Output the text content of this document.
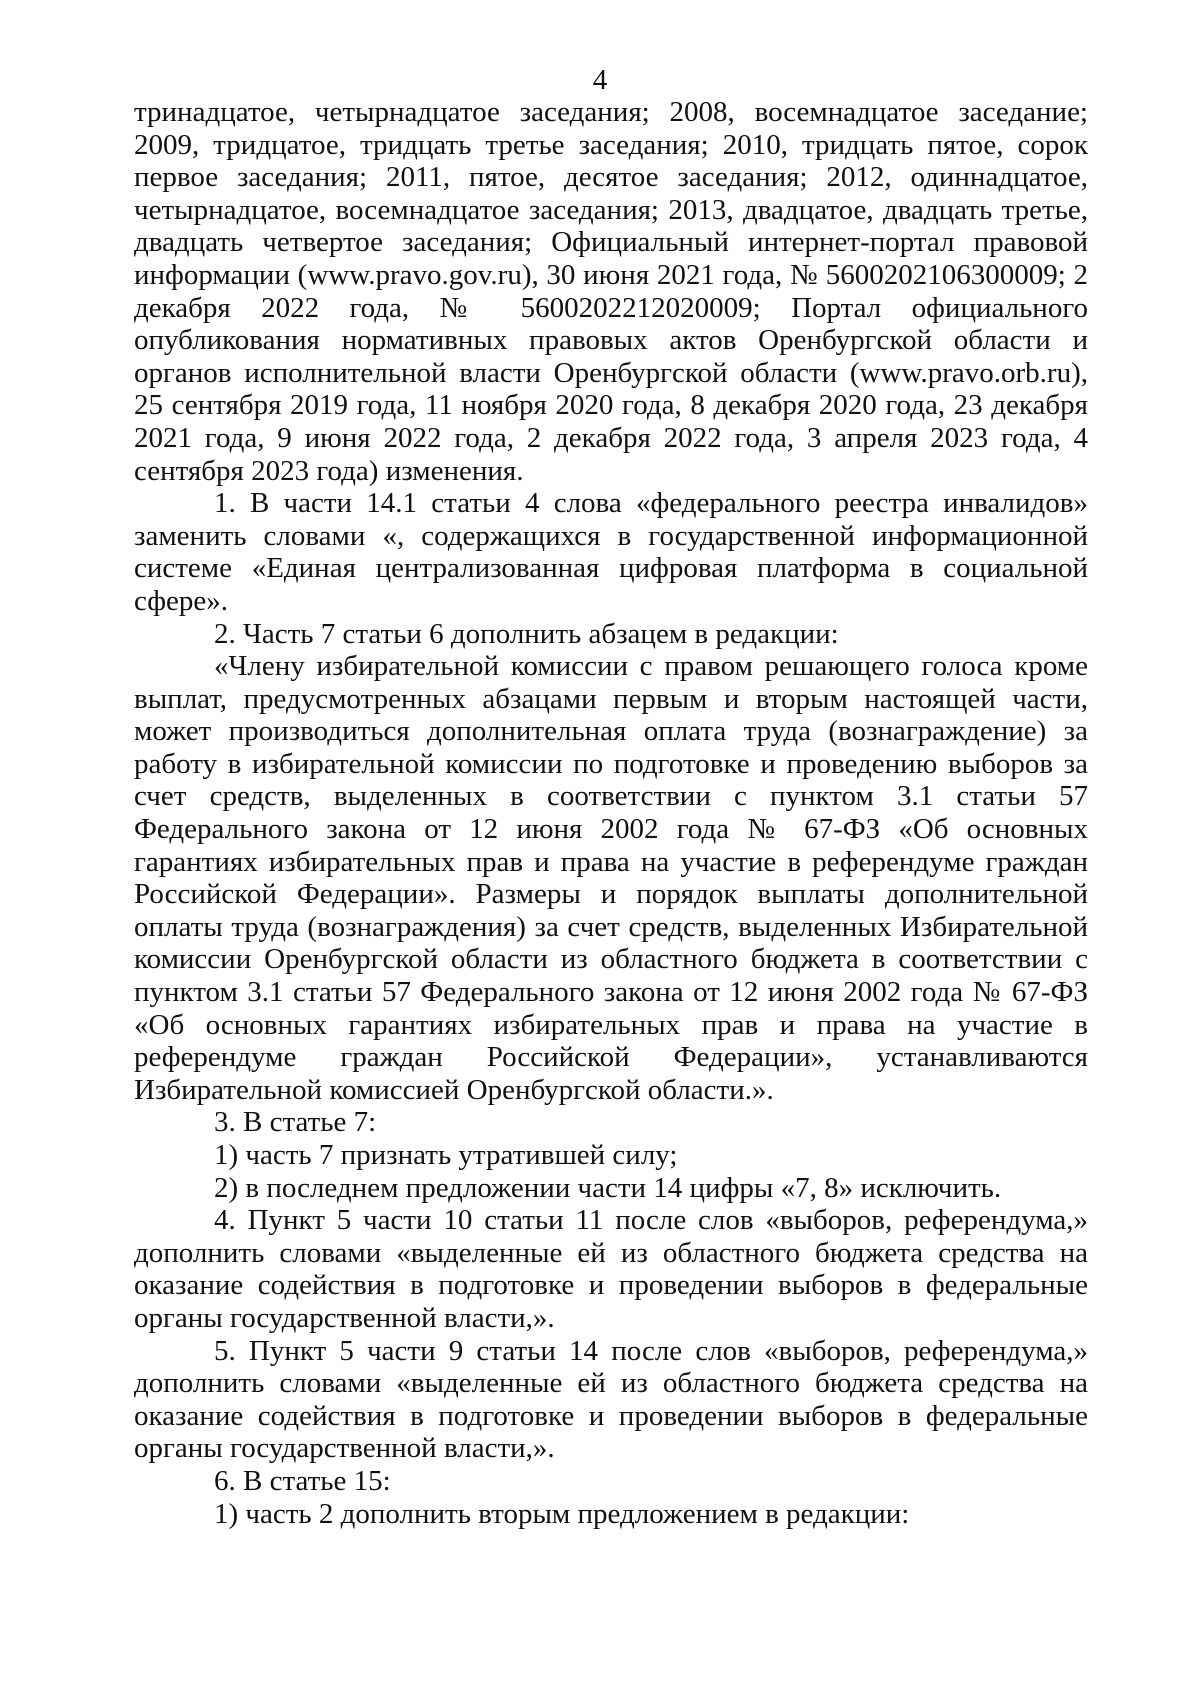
4

тринадцатое, четырнадцатое заседания; 2008, восемнадцатое заседание; 2009, тридцатое, тридцать третье заседания; 2010, тридцать пятое, сорок первое заседания; 2011, пятое, десятое заседания; 2012, одиннадцатое, четырнадцатое, восемнадцатое заседания; 2013, двадцатое, двадцать третье, двадцать четвертое заседания; Официальный интернет-портал правовой информации (www.pravo.gov.ru), 30 июня 2021 года, № 5600202106300009; 2 декабря 2022 года, № 5600202212020009; Портал официального опубликования нормативных правовых актов Оренбургской области и органов исполнительной власти Оренбургской области (www.pravo.orb.ru), 25 сентября 2019 года, 11 ноября 2020 года, 8 декабря 2020 года, 23 декабря 2021 года, 9 июня 2022 года, 2 декабря 2022 года, 3 апреля 2023 года, 4 сентября 2023 года) изменения.

1. В части 14.1 статьи 4 слова «федерального реестра инвалидов» заменить словами «, содержащихся в государственной информационной системе «Единая централизованная цифровая платформа в социальной сфере».

2. Часть 7 статьи 6 дополнить абзацем в редакции:

«Члену избирательной комиссии с правом решающего голоса кроме выплат, предусмотренных абзацами первым и вторым настоящей части, может производиться дополнительная оплата труда (вознаграждение) за работу в избирательной комиссии по подготовке и проведению выборов за счет средств, выделенных в соответствии с пунктом 3.1 статьи 57 Федерального закона от 12 июня 2002 года № 67-ФЗ «Об основных гарантиях избирательных прав и права на участие в референдуме граждан Российской Федерации». Размеры и порядок выплаты дополнительной оплаты труда (вознаграждения) за счет средств, выделенных Избирательной комиссии Оренбургской области из областного бюджета в соответствии с пунктом 3.1 статьи 57 Федерального закона от 12 июня 2002 года № 67-ФЗ «Об основных гарантиях избирательных прав и права на участие в референдуме граждан Российской Федерации», устанавливаются Избирательной комиссией Оренбургской области.».

3. В статье 7:

1) часть 7 признать утратившей силу;

2) в последнем предложении части 14 цифры «7, 8» исключить.

4. Пункт 5 части 10 статьи 11 после слов «выборов, референдума,» дополнить словами «выделенные ей из областного бюджета средства на оказание содействия в подготовке и проведении выборов в федеральные органы государственной власти,».

5. Пункт 5 части 9 статьи 14 после слов «выборов, референдума,» дополнить словами «выделенные ей из областного бюджета средства на оказание содействия в подготовке и проведении выборов в федеральные органы государственной власти,».

6. В статье 15:

1) часть 2 дополнить вторым предложением в редакции:
